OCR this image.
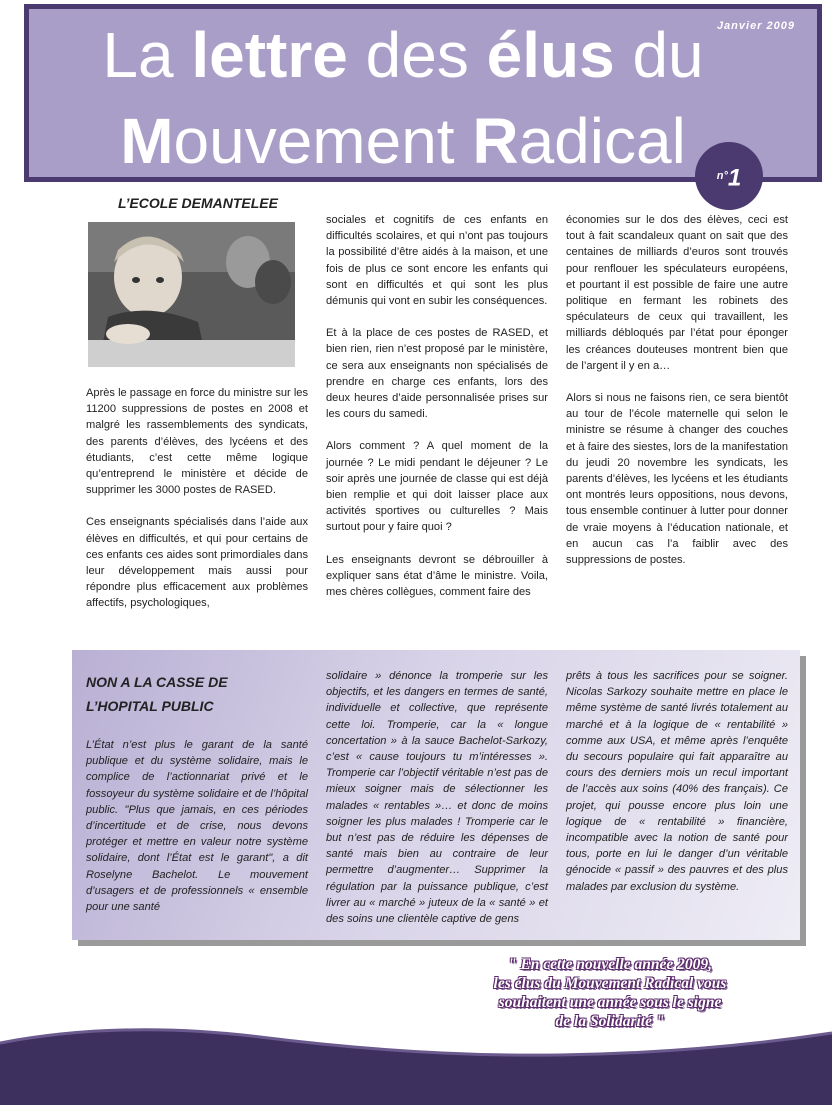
Janvier 2009
La lettre des élus du
Mouvement Radical	$^{n^\circ}$1
L’ECOLE DEMANTELEE

Après le passage en force du ministre sur les 11200 suppressions de postes en 2008 et malgré les rassemblements des syndicats, des parents d’élèves, des lycéens et des étudiants, c’est cette même logique qu’entreprend le ministère et décide de supprimer les 3000 postes de RASED.

Ces enseignants spécialisés dans l’aide aux élèves en difficultés, et qui pour certains de ces enfants ces aides sont primordiales dans leur développement mais aussi pour répondre plus efficacement aux problèmes affectifs, psychologiques,

sociales et cognitifs de ces enfants en difficultés scolaires, et qui n’ont pas toujours la possibilité d’être aidés à la maison, et une fois de plus ce sont encore les enfants qui sont en difficultés et qui sont les plus démunis qui vont en subir les conséquences.

Et à la place de ces postes de RASED, et bien rien, rien n’est proposé par le ministère, ce sera aux enseignants non spécialisés de prendre en charge ces enfants, lors des deux heures d’aide personnalisée prises sur les cours du samedi.

Alors comment ? A quel moment de la journée ? Le midi pendant le déjeuner ? Le soir après une journée de classe qui est déjà bien remplie et qui doit laisser place aux activités sportives ou culturelles ? Mais surtout pour y faire quoi ?

Les enseignants devront se débrouiller à expliquer sans état d’âme le ministre. Voila, mes chères collègues, comment faire des

économies sur le dos des élèves, ceci est tout à fait scandaleux quant on sait que des centaines de milliards d’euros sont trouvés pour renflouer les spéculateurs européens, et pourtant il est possible de faire une autre politique en fermant les robinets des spéculateurs de ceux qui travaillent, les milliards débloqués par l’état pour éponger les créances douteuses montrent bien que de l’argent il y en a…

Alors si nous ne faisons rien, ce sera bientôt au tour de l’école maternelle qui selon le ministre se résume à changer des couches et à faire des siestes, lors de la manifestation du jeudi 20 novembre les syndicats, les parents d’élèves, les lycéens et les étudiants ont montrés leurs oppositions, nous devons, tous ensemble continuer à lutter pour donner de vraie moyens à l’éducation nationale, et en aucun cas l’a faiblir avec des suppressions de postes.

NON A LA CASSE DE
L’HOPITAL PUBLIC
L’État n’est plus le garant de la santé publique et du système solidaire, mais le complice de l’actionnariat privé et le fossoyeur du système solidaire et de l’hôpital public. "Plus que jamais, en ces périodes d’incertitude et de crise, nous devons protéger et mettre en valeur notre système solidaire, dont l’État est le garant", a dit Roselyne Bachelot. Le mouvement d’usagers et de professionnels « ensemble pour une santé
solidaire » dénonce la tromperie sur les objectifs, et les dangers en termes de santé, individuelle et collective, que représente cette loi. Tromperie, car la « longue concertation » à la sauce Bachelot-Sarkozy, c’est « cause toujours tu m’intéresses ». Tromperie car l’objectif véritable n’est pas de mieux soigner mais de sélectionner les malades « rentables »… et donc de moins soigner les plus malades ! Tromperie car le but n’est pas de réduire les dépenses de santé mais bien au contraire de leur permettre d’augmenter… Supprimer la régulation par la puissance publique, c’est livrer au « marché » juteux de la « santé » et des soins une clientèle captive de gens
prêts à tous les sacrifices pour se soigner. Nicolas Sarkozy souhaite mettre en place le même système de santé livrés totalement au marché et à la logique de « rentabilité » comme aux USA, et même après l’enquête du secours populaire qui fait apparaître au cours des derniers mois un recul important de l’accès aux soins (40% des français). Ce projet, qui pousse encore plus loin une logique de « rentabilité » financière, incompatible avec la notion de santé pour tous, porte en lui le danger d’un véritable génocide « passif » des pauvres et des plus malades par exclusion du système.
" En cette nouvelle année 2009,
les élus du Mouvement Radical vous
souhaitent une année sous le signe
de la Solidarité "
